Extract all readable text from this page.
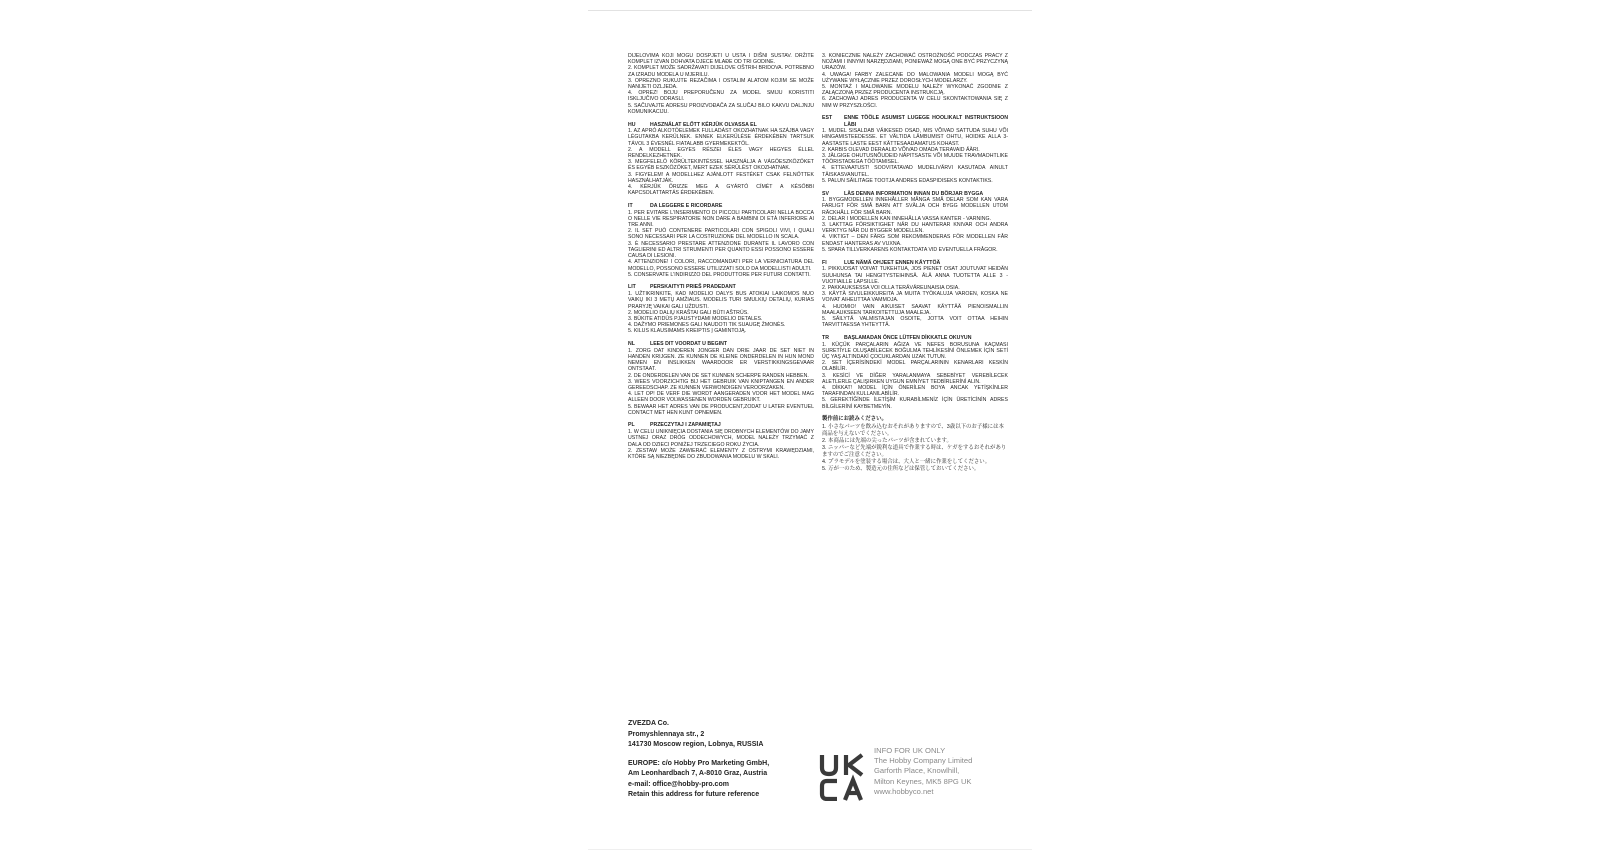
DIJELOVIMA KOJI MOGU DOSPJETI U USTA I DIŠNI SUSTAV. DRŽITE KOMPLET IZVAN DOHVATA DJECE MLAĐE OD TRI GODINE.

2. KOMPLET MOŽE SADRŽAVATI DIJELOVE OŠTRIH BRIDOVA. POTREBNO ZA IZRADU MODELA U MJERILU.

3. OPREZNO RUKUJTE REZAČIMA I OSTALIM ALATOM KOJIM SE MOŽE NANIJETI OZLJEDA.

4. OPREZ! BOJU PREPORUČENU ZA MODEL SMIJU KORISTITI ISKLJUČIVO ODRASLI.

5. SAČUVAJTE ADRESU PROIZVOĐAČA ZA SLUČAJ BILO KAKVU DALJNJU KOMUNIKACIJU.

HU	HASZNÁLAT ELŐTT KÉRJÜK OLVASSA EL

1. AZ APRÓ ALKOTÓELEMEK FULLADÁST OKOZHATNAK HA SZÁJBA VAGY LÉGUTAKBA KERÜLNEK. ENNEK ELKERÜLÉSE ÉRDEKÉBEN TARTSUK TÁVOL 3 ÉVESNÉL FIATALABB GYERMEKEKTŐL.

2. A MODELL EGYES RÉSZEI ÉLES VAGY HEGYES ÉLLEL RENDELKEZHETNEK.

3. MEGFELELŐ KÖRÜLTEKINTÉSSEL HASZNÁLJA A VÁGÓESZKÖZÖKET ÉS EGYÉB ESZKÖZÖKET, MERT EZEK SÉRÜLÉST OKOZHATNAK.

3. FIGYELEM! A MODELLHEZ AJÁNLOTT FESTÉKET CSAK FELNŐTTEK HASZNÁLHATJÁK.

4. KÉRJÜK ŐRIZZE MEG A GYÁRTÓ CÍMÉT A KÉSŐBBI KAPCSOLATTARTÁS ÉRDEKÉBEN.

IT	DA LEGGERE E RICORDARE

1. PER EVITARE L'INSERIMENTO DI PICCOLI PARTICOLARI NELLA BOCCA O NELLE VIE RESPIRATORIE NON DARE A BAMBINI DI ETÀ INFERIORE AI TRE ANNI.

2. IL SET PUÒ CONTENERE PARTICOLARI CON SPIGOLI VIVI, I QUALI SONO NECESSARI PER LA COSTRUZIONE DEL MODELLO IN SCALA.

3. È NECESSARIO PRESTARE ATTENZIONE DURANTE IL LAVORO CON TAGLIERINI ED ALTRI STRUMENTI PER QUANTO ESSI POSSONO ESSERE CAUSA DI LESIONI.

4. ATTENZIONE! I COLORI, RACCOMANDATI PER LA VERNICIATURA DEL MODELLO, POSSONO ESSERE UTILIZZATI SOLO DA MODELLISTI ADULTI.

5. CONSERVATE L'INDIRIZZO DEL PRODUTTORE PER FUTURI CONTATTI.

LIT	PERSKAITYTI PRIEŠ PRADEDANT

1. UŽTIKRINKITE, KAD MODELIO DALYS BUS ATOKIAI LAIKOMOS NUO VAIKŲ IKI 3 METŲ AMŽIAUS. MODELIS TURI SMULKIŲ DETALIŲ, KURIAS PRARYJĘ VAIKAI GALI UŽDUSTI.

2. MODELIO DALIŲ KRAŠTAI GALI BŪTI AŠTRŪS.

3. BŪKITE ATIDŪS PJAUSTYDAMI MODELIO DETALES.

4. DAŽYMO PRIEMONES GALI NAUDOTI TIK SUAUGĘ ŽMONĖS.

5. KILUS KLAUSIMAMS KREIPTIS Į GAMINTOJĄ.

NL	LEES DIT VOORDAT U BEGINT

1. ZORG DAT KINDEREN JONGER DAN DRIE JAAR DE SET NIET IN HANDEN KRIJGEN. ZE KUNNEN DE KLEINE ONDERDELEN IN HUN MOND NEMEN EN INSLIKKEN WAARDOOR ER VERSTIKKINGSGEVAAR ONTSTAAT.

2. DE ONDERDELEN VAN DE SET KUNNEN SCHERPE RANDEN HEBBEN.

3. WEES VOORZICHTIG BIJ HET GEBRUIK VAN KNIPTANGEN EN ANDER GEREEDSCHAP. ZE KUNNEN VERWONDIGEN VEROORZAKEN.

4. LET OP! DE VERF DIE WORDT AANGERADEN VOOR HET MODEL MAG ALLEEN DOOR VOLWASSENEN WORDEN GEBRUIKT.

5. BEWAAR HET ADRES VAN DE PRODUCENT,ZODAT U LATER EVENTUEL CONTACT MET HEN KUNT OPNEMEN.

PL	PRZECZYTAJ I ZAPAMIĘTAJ

1. W CELU UNIKNIĘCIA DOSTANIA SIĘ DROBNYCH ELEMENTÓW DO JAMY USTNEJ ORAZ DRÓG ODDECHOWYCH, MODEL NALEŻY TRZYMAĆ Z DALA OD DZIECI PONIŻEJ TRZECIEGO ROKU ŻYCIA.

2. ZESTAW MOŻE ZAWIERAĆ ELEMENTY Z OSTRYMI KRAWĘDZIAMI, KTÓRE SĄ NIEZBĘDNE DO ZBUDOWANIA MODELU W SKALI.

3. KONIECZNIE NALEŻY ZACHOWAĆ OSTROŻNOŚĆ PODCZAS PRACY Z NOŻAMI I INNYMI NARZĘDZIAMI, PONIEWAŻ MOGĄ ONE BYĆ PRZYCZYNĄ URAZÓW.

4. UWAGA! FARBY ZALECANE DO MALOWANIA MODELI MOGĄ BYĆ UŻYWANE WYŁĄCZNIE PRZEZ DOROSŁYCH MODELARZY.

5. MONTAŻ I MALOWANIE MODELU NALEŻY WYKONAĆ ZGODNIE Z ZAŁĄCZONĄ PRZEZ PRODUCENTA INSTRUKCJĄ.

6. ZACHOWAJ ADRES PRODUCENTA W CELU SKONTAKTOWANIA SIĘ Z NIM W PRZYSZŁOŚCI.

EST	ENNE TÖÖLE ASUMIST LUGEGE HOOLIKALT INSTRUKTSIOON LÄBI

1. MUDEL SISALDAB VÄIKESED OSAD, MIS VÕIVAD SATTUDA SUHU VÕI HINGAMISTEEDESSE. ET VÄLTIDA LÄMBUMIST OHTU, HOIDKE ALLA 3-AASTASTE LASTE EEST KÄTTESAADAMATUS KOHAST.

2. KARBIS OLEVAD DERAALID VÕIVAD OMADA TERAVAID ÄÄRI.

3. JÄLGIGE OHUTUSNÕUDEID NÄPITSASTE VÕI MUUDE TRAVMAOHTLIKE TÖÖRISTADEGA TÖÖTAMISEL.

4. ETTEVAATUST! SOOVITATAVAD MUDELIVÄRVI KASUTADA AINULT TÄISKASVANUTEL.

5. PALUN SÄILITAGE TOOTJA ANDRES EDASPIDISEKS KONTAKTIKS.

SV	LÄS DENNA INFORMATION INNAN DU BÖRJAR BYGGA

1. BYGGMODELLEN INNEHÅLLER MÅNGA SMÅ DELAR SOM KAN VARA FARLIGT FÖR SMÅ BARN ATT SVÄLJA OCH BYGG MODELLEN UTOM RÄCKHÅLL FÖR SMÅ BARN.

2. DELAR I MODELLEN KAN INNEHÅLLA VASSA KANTER - VARNING.

3. LAKTTAG FÖRSIKTIGHET NÄR DU HANTERAR KNIVAR OCH ANDRA VERKTYG NÄR DU BYGGER MODELLEN.

4. VIKTIGT – DEN FÄRG SOM REKOMMENDERAS FÖR MODELLEN FÅR ENDAST HANTERAS AV VUXNA.

5. SPARA TILLVERKARENS KONTAKTDATA VID EVENTUELLA FRÅGOR.

FI	LUE NÄMÄ OHJEET ENNEN KÄYTTÖÄ

1. PIKKUOSAT VOIVAT TUKEHTUA, JOS PIENET OSAT JOUTUVAT HEIDÄN SUUHUNSA TAI HENGITYSTEIHINSÄ. ÄLÄ ANNA TUOTETTA ALLE 3 - VUOTIAILLE LAPSILLE.

2. PAKKAUKSESSA VOI OLLA TERÄVÄREUNAISIA OSIA.

3. KÄYTÄ SIVULEIKKUREITA JA MUITA TYÖKALUJA VAROEN, KOSKA NE VOIVAT AIHEUTTAA VAMMOJA.

4. HUOMIO! VAIN AIKUISET SAAVAT KÄYTTÄÄ PIENOISMALLIN MAALAUKSEEN TARKOITETTUJA MAALEJA.

5. SÄILYTÄ VALMISTAJAN OSOITE, JOTTA VOIT OTTAA HEIHIN TARVITTAESSA YHTEYTTÄ.

TR	BAŞLAMADAN ÖNCE LÜTFEN DİKKATLE OKUYUN

1. KÜÇÜK PARÇALARIN AĞIZA VE NEFES BORUSUNA KAÇMASI SURETİYLE OLUŞABİLECEK BOĞULMA TEHLİKESİNİ ÖNLEMEK İÇİN SETİ ÜÇ YAŞ ALTINDAKİ ÇOCUKLARDAN UZAK TUTUN.

2. SET İÇERİSİNDEKİ MODEL PARÇALARININ KENARLARI KESKİN OLABİLİR.

3. KESİCİ VE DİĞER YARALANMAYA SEBEBİYET VEREBİLECEK ALETLERLE ÇALIŞIRKEN UYGUN EMNİYET TEDBİRLERİNİ ALIN.

4. DİKKAT! MODEL İÇİN ÖNERİLEN BOYA ANCAK YETİŞKİNLER TARAFINDAN KULLANILABİLİR.

5. GEREKTİĞİNDE İLETİŞİM KURABİLMENİZ İÇİN ÜRETİCİNİN ADRES BİLGİLERİNİ KAYBETMEYİN.

製作前にお読みください。

1. 小さなパーツを飲み込むおそれがありますので、3歳以下のお子様には本商品を与えないでください。

2. 本商品には先端の尖ったパーツが含まれています。

3. ニッパーなど先端が鋭利な道具で作業する時は、ケガをするおそれがありますのでご注意ください。

4. プラモデルを塗装する場合は、大人と一緒に作業をしてください。

5. 万が一のため、製造元の住所などは保管しておいてください。

ZVEZDA Co.
Promyshlennaya str., 2
141730 Moscow region, Lobnya, RUSSIA
EUROPE: c/o Hobby Pro Marketing GmbH,
Am Leonhardbach 7, A-8010 Graz, Austria
e-mail: office@hobby-pro.com
Retain this address for future reference
INFO FOR UK ONLY
The Hobby Company Limited
Garforth Place, Knowlhill,
Milton Keynes, MK5 8PG UK
www.hobbyco.net
